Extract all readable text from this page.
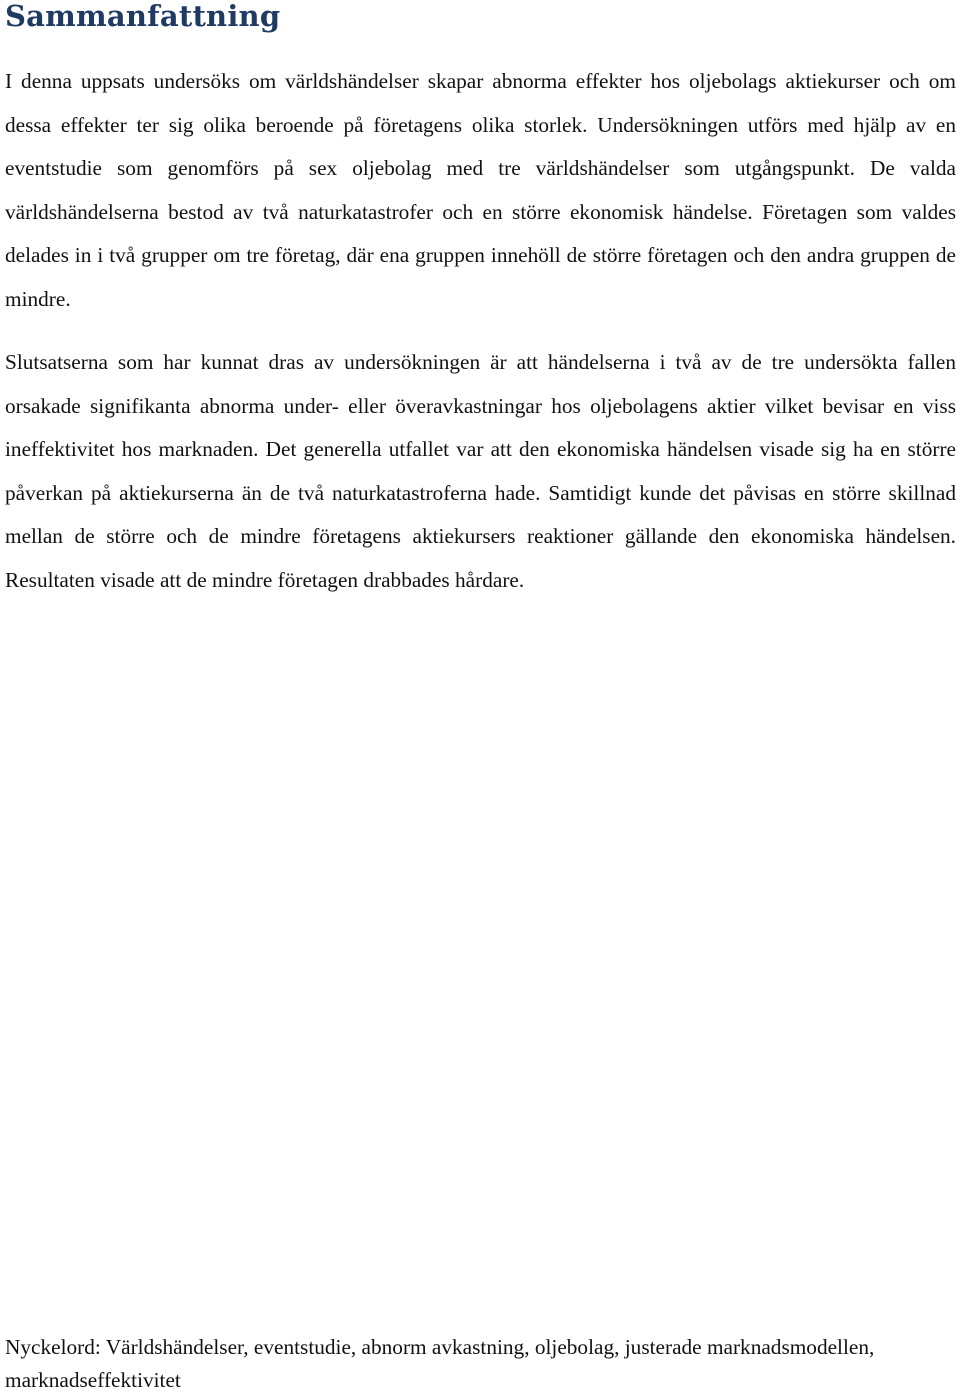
Sammanfattning

I denna uppsats undersöks om världshändelser skapar abnorma effekter hos oljebolags aktiekurser och om dessa effekter ter sig olika beroende på företagens olika storlek. Undersökningen utförs med hjälp av en eventstudie som genomförs på sex oljebolag med tre världshändelser som utgångspunkt. De valda världshändelserna bestod av två naturkatastrofer och en större ekonomisk händelse. Företagen som valdes delades in i två grupper om tre företag, där ena gruppen innehöll de större företagen och den andra gruppen de mindre.

Slutsatserna som har kunnat dras av undersökningen är att händelserna i två av de tre undersökta fallen orsakade signifikanta abnorma under- eller överavkastningar hos oljebolagens aktier vilket bevisar en viss ineffektivitet hos marknaden. Det generella utfallet var att den ekonomiska händelsen visade sig ha en större påverkan på aktiekurserna än de två naturkatastroferna hade. Samtidigt kunde det påvisas en större skillnad mellan de större och de mindre företagens aktiekursers reaktioner gällande den ekonomiska händelsen. Resultaten visade att de mindre företagen drabbades hårdare.

Nyckelord: Världshändelser, eventstudie, abnorm avkastning, oljebolag, justerade marknadsmodellen, marknadseffektivitet
